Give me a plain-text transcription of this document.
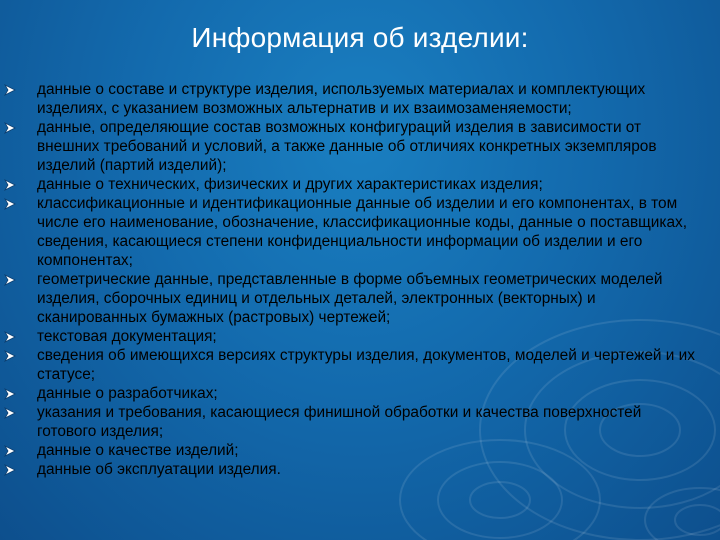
Информация об изделии:
данные о составе и структуре изделия, используемых материалах и комплектующих изделиях, с указанием возможных альтернатив и их взаимозаменяемости;
данные, определяющие состав возможных конфигураций изделия в зависимости от внешних требований и условий, а также данные об отличиях конкретных экземпляров изделий (партий изделий);
данные о технических, физических и других характеристиках изделия;
классификационные и идентификационные данные об изделии и его компонентах, в том числе его наименование, обозначение, классификационные коды, данные о поставщиках, сведения, касающиеся степени конфиденциальности информации об изделии и его компонентах;
геометрические данные, представленные в форме объемных геометрических моделей изделия, сборочных единиц и отдельных деталей, электронных (векторных) и сканированных бумажных (растровых) чертежей;
текстовая документация;
сведения об имеющихся версиях структуры изделия, документов, моделей и чертежей и их статусе;
данные о разработчиках;
указания и требования, касающиеся финишной обработки и качества поверхностей готового изделия;
данные о качестве изделий;
данные об эксплуатации изделия.
